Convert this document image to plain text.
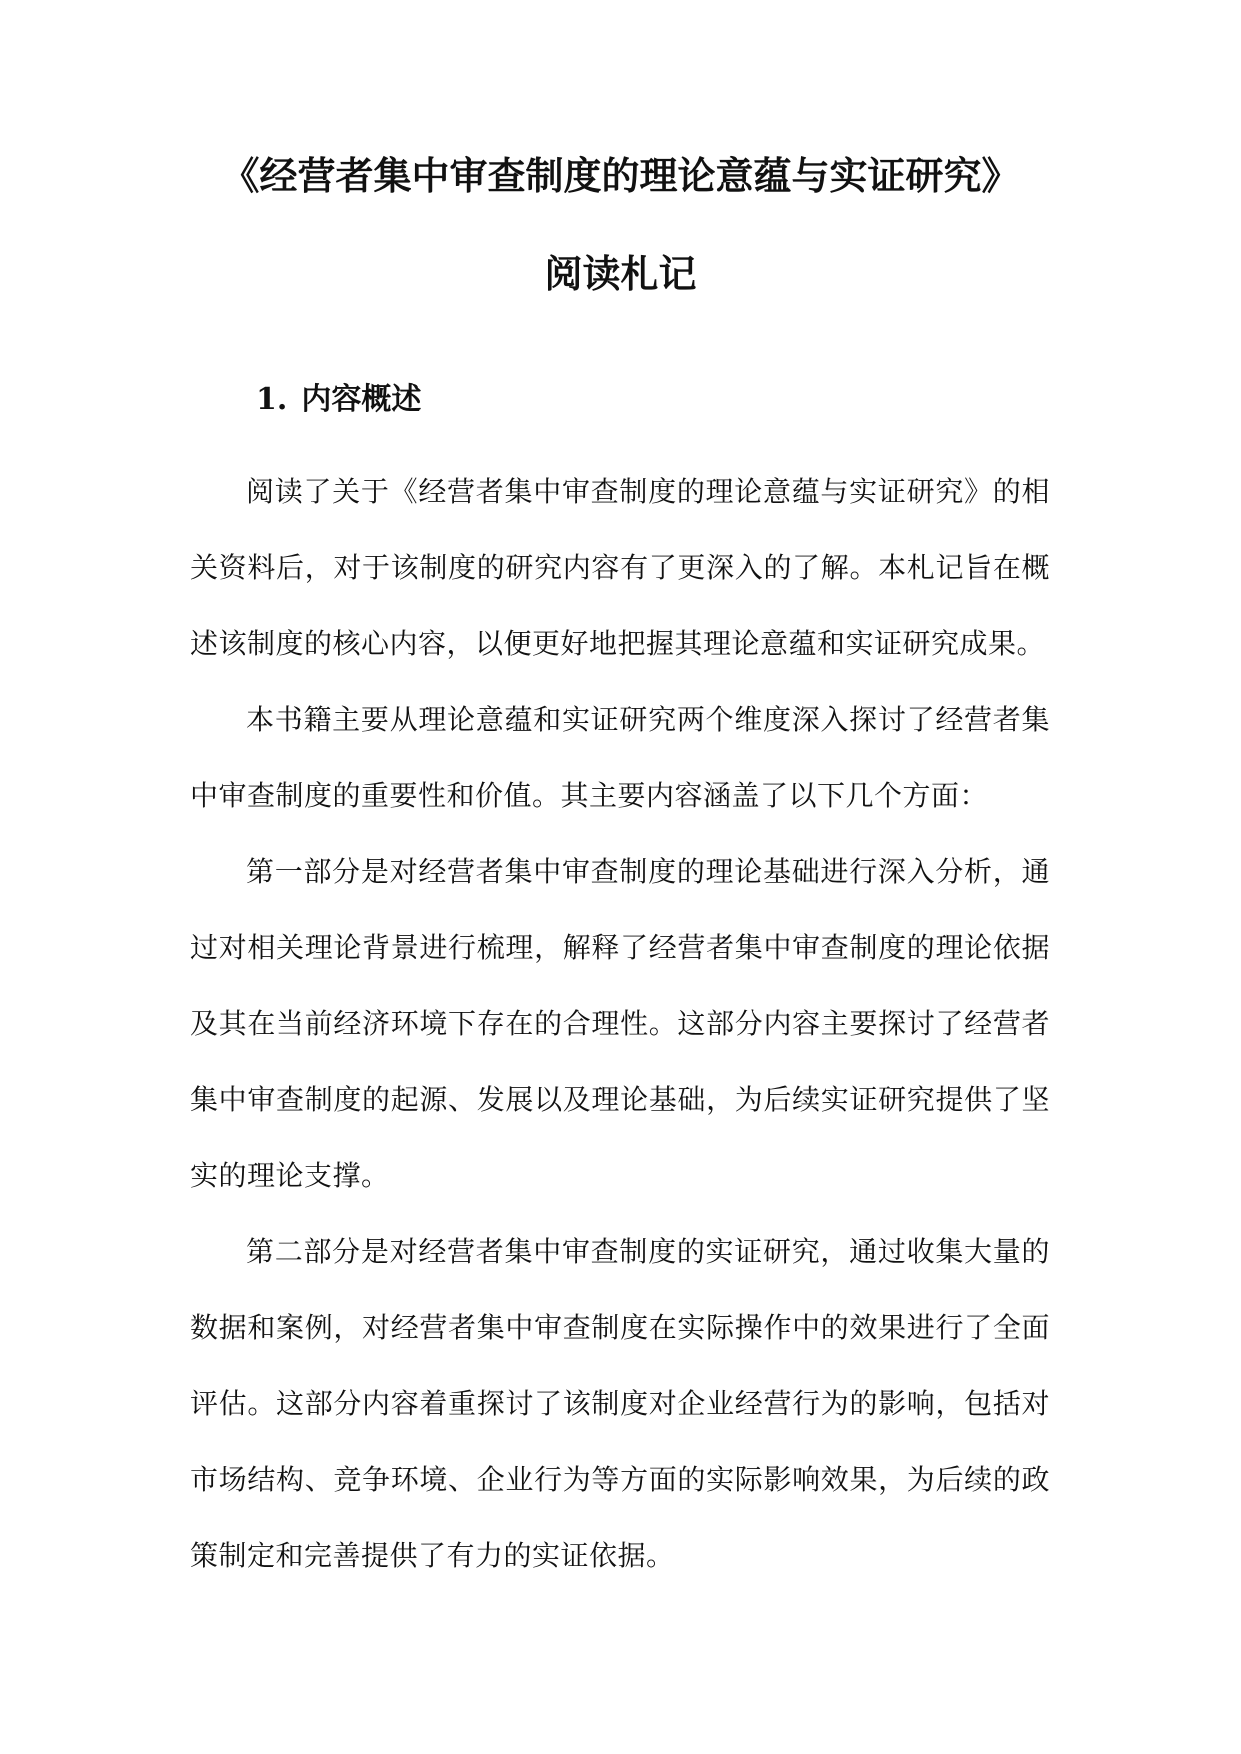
《经营者集中审查制度的理论意蕴与实证研究》
阅读札记
1. 内容概述

阅读了关于《经营者集中审查制度的理论意蕴与实证研究》的相关资料后，对于该制度的研究内容有了更深入的了解。本札记旨在概述该制度的核心内容，以便更好地把握其理论意蕴和实证研究成果。

本书籍主要从理论意蕴和实证研究两个维度深入探讨了经营者集中审查制度的重要性和价值。其主要内容涵盖了以下几个方面：

第一部分是对经营者集中审查制度的理论基础进行深入分析，通过对相关理论背景进行梳理，解释了经营者集中审查制度的理论依据及其在当前经济环境下存在的合理性。这部分内容主要探讨了经营者集中审查制度的起源、发展以及理论基础，为后续实证研究提供了坚实的理论支撑。

第二部分是对经营者集中审查制度的实证研究，通过收集大量的数据和案例，对经营者集中审查制度在实际操作中的效果进行了全面评估。这部分内容着重探讨了该制度对企业经营行为的影响，包括对市场结构、竞争环境、企业行为等方面的实际影响效果，为后续的政策制定和完善提供了有力的实证依据。
